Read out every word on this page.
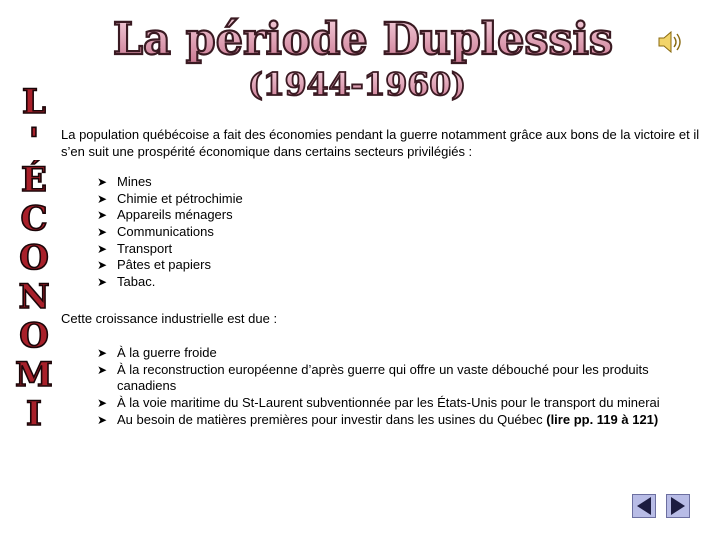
La période Duplessis
(1944-1960)
L
'
É
C
O
N
O
M
I

La population québécoise a fait des économies pendant la guerre notamment grâce aux bons de la victoire et il s’en suit une prospérité économique dans certains secteurs privilégiés :

➤ Mines
➤ Chimie et pétrochimie
➤ Appareils ménagers
➤ Communications
➤ Transport
➤ Pâtes et papiers
➤ Tabac.

Cette croissance industrielle est due :

➤ À la guerre froide
➤ À la reconstruction européenne d’après guerre qui offre un vaste débouché pour les produits canadiens
➤ À la voie maritime du St-Laurent subventionnée par les États-Unis pour le transport du minerai
➤ Au besoin de matières premières pour investir dans les usines du Québec (lire pp. 119 à 121)
